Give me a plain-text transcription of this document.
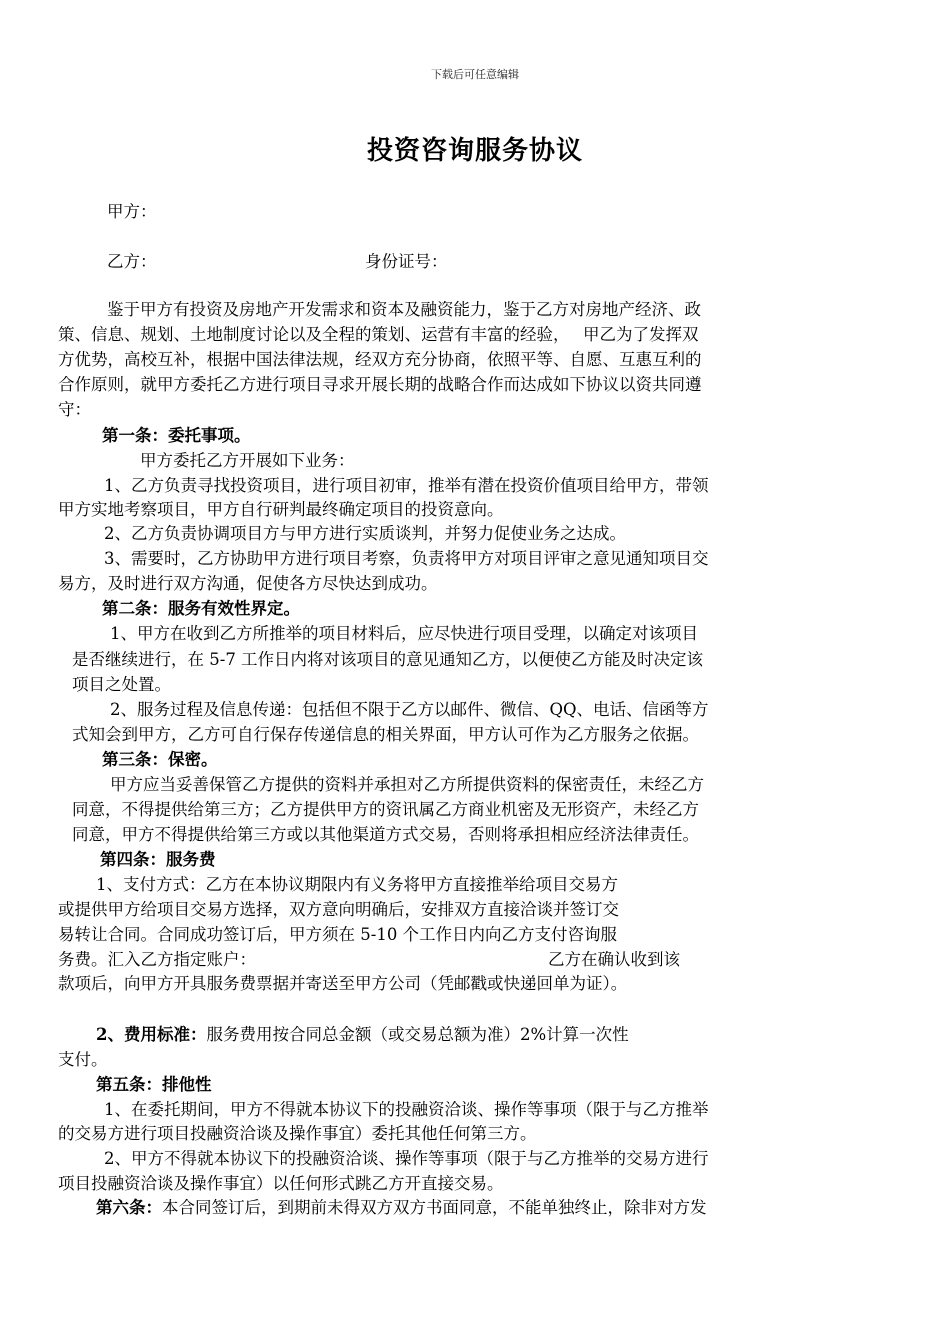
下载后可任意编辑
投资咨询服务协议
甲方：
乙方：	身份证号：
鉴于甲方有投资及房地产开发需求和资本及融资能力，鉴于乙方对房地产经济、政
策、信息、规划、土地制度讨论以及全程的策划、运营有丰富的经验，　 甲乙为了发挥双
方优势，高校互补，根据中国法律法规，经双方充分协商，依照平等、自愿、互惠互利的
合作原则，就甲方委托乙方进行项目寻求开展长期的战略合作而达成如下协议以资共同遵
守：
第一条：委托事项。
甲方委托乙方开展如下业务：
1、乙方负责寻找投资项目，进行项目初审，推举有潜在投资价值项目给甲方，带领
甲方实地考察项目，甲方自行研判最终确定项目的投资意向。
2、乙方负责协调项目方与甲方进行实质谈判，并努力促使业务之达成。
3、需要时，乙方协助甲方进行项目考察，负责将甲方对项目评审之意见通知项目交
易方，及时进行双方沟通，促使各方尽快达到成功。
第二条：服务有效性界定。
1、甲方在收到乙方所推举的项目材料后，应尽快进行项目受理，以确定对该项目
是否继续进行，在 5-7 工作日内将对该项目的意见通知乙方，以便使乙方能及时决定该
项目之处置。
2、服务过程及信息传递：包括但不限于乙方以邮件、微信、QQ、电话、信函等方
式知会到甲方，乙方可自行保存传递信息的相关界面，甲方认可作为乙方服务之依据。
第三条：保密。
甲方应当妥善保管乙方提供的资料并承担对乙方所提供资料的保密责任，未经乙方
同意，不得提供给第三方；乙方提供甲方的资讯属乙方商业机密及无形资产，未经乙方
同意，甲方不得提供给第三方或以其他渠道方式交易，否则将承担相应经济法律责任。
第四条：服务费
1、支付方式：乙方在本协议期限内有义务将甲方直接推举给项目交易方
或提供甲方给项目交易方选择，双方意向明确后，安排双方直接洽谈并签订交
易转让合同。合同成功签订后，甲方须在 5-10 个工作日内向乙方支付咨询服
务费。汇入乙方指定账户：	乙方在确认收到该
款项后，向甲方开具服务费票据并寄送至甲方公司（凭邮戳或快递回单为证）。
2、费用标准：服务费用按合同总金额（或交易总额为准）2%计算一次性
支付。
第五条：排他性
1、在委托期间，甲方不得就本协议下的投融资洽谈、操作等事项（限于与乙方推举
的交易方进行项目投融资洽谈及操作事宜）委托其他任何第三方。
2、甲方不得就本协议下的投融资洽谈、操作等事项（限于与乙方推举的交易方进行
项目投融资洽谈及操作事宜）以任何形式跳乙方开直接交易。
第六条：本合同签订后，到期前未得双方双方书面同意，不能单独终止，除非对方发
